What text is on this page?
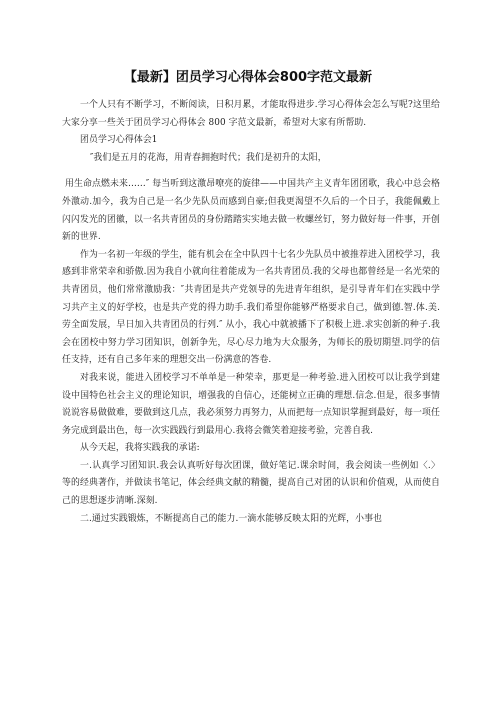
【最新】团员学习心得体会800字范文最新

一个人只有不断学习，不断阅读，日积月累，才能取得进步.学习心得体会怎么写呢?这里给大家分享一些关于团员学习心得体会 800 字范文最新，希望对大家有所帮助.

团员学习心得体会1

″我们是五月的花海，用青春拥抱时代；我们是初升的太阳，

用生命点燃未来……″ 每当听到这激昂嘹亮的旋律——中国共产主义青年团团歌，我心中总会格外激动.加今，我为自己是一名少先队员而感到自豪;但我更渴望不久后的一个日子，我能佩戴上闪闪发光的团徽，以一名共青团员的身份踏踏实实地去做一枚螺丝钉，努力做好每一件事，开创新的世界.

作为一名初一年级的学生，能有机会在全中队四十七名少先队员中被推荐进入团校学习，我感到非常荣幸和骄傲.因为我自小就向往着能成为一名共青团员.我的父母也都曾经是一名光荣的共青团员，他们常常激励我：″共青团是共产党领导的先进青年组织，是引导青年们在实践中学习共产主义的好学校，也是共产党的得力助手.我们希望你能够严格要求自己，做到德.智.体.美.劳全面发展，早日加入共青团员的行列.″ 从小，我心中就被播下了积极上进.求实创新的种子.我会在团校中努力学习团知识，创新争先，尽心尽力地为大众服务，为师长的殷切期望.同学的信任支持，还有自己多年来的理想交出一份满意的答卷.

对我来说，能进入团校学习不单单是一种荣幸，那更是一种考验.进入团校可以让我学到建设中国特色社会主义的理论知识，增强我的自信心，还能树立正确的理想.信念.但是，很多事情说说容易做做难，要做到这几点，我必须努力再努力，从而把每一点知识掌握到最好，每一项任务完成到最出色，每一次实践践行到最用心.我将会微笑着迎接考验，完善自我.

从今天起，我将实践我的承诺:

一.认真学习团知识.我会认真听好每次团课，做好笔记.课余时间，我会阅读一些例如〈.〉等的经典著作，并做读书笔记，体会经典文献的精髓，提高自己对团的认识和价值观，从而使自己的思想逐步清晰.深刻.

二.通过实践锻炼，不断提高自己的能力.一滴水能够反映太阳的光辉，小事也
